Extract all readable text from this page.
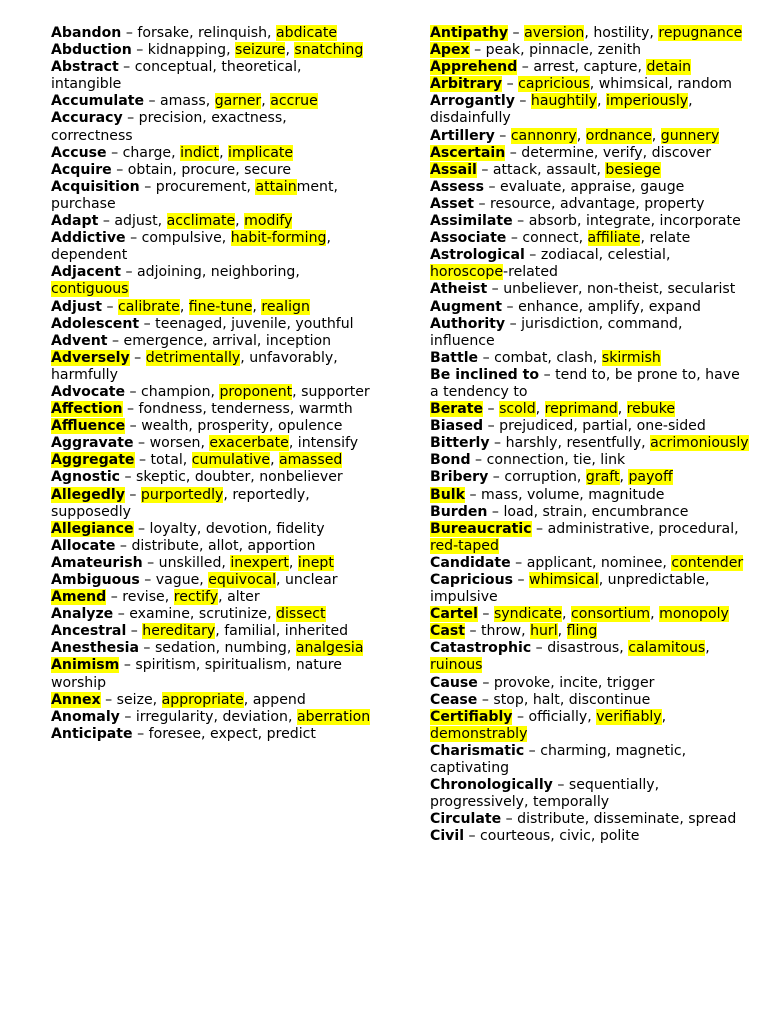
Abandon – forsake, relinquish, abdicate

Abduction – kidnapping, seizure, snatching

Abstract – conceptual, theoretical, intangible

Accumulate – amass, garner, accrue

Accuracy – precision, exactness, correctness

Accuse – charge, indict, implicate

Acquire – obtain, procure, secure

Acquisition – procurement, attainment, purchase

Adapt – adjust, acclimate, modify

Addictive – compulsive, habit-forming, dependent

Adjacent – adjoining, neighboring, contiguous

Adjust – calibrate, fine-tune, realign

Adolescent – teenaged, juvenile, youthful

Advent – emergence, arrival, inception

Adversely – detrimentally, unfavorably, harmfully

Advocate – champion, proponent, supporter

Affection – fondness, tenderness, warmth

Affluence – wealth, prosperity, opulence

Aggravate – worsen, exacerbate, intensify

Aggregate – total, cumulative, amassed

Agnostic – skeptic, doubter, nonbeliever

Allegedly – purportedly, reportedly, supposedly

Allegiance – loyalty, devotion, fidelity

Allocate – distribute, allot, apportion

Amateurish – unskilled, inexpert, inept

Ambiguous – vague, equivocal, unclear

Amend – revise, rectify, alter

Analyze – examine, scrutinize, dissect

Ancestral – hereditary, familial, inherited

Anesthesia – sedation, numbing, analgesia

Animism – spiritism, spiritualism, nature worship

Annex – seize, appropriate, append

Anomaly – irregularity, deviation, aberration

Anticipate – foresee, expect, predict

Antipathy – aversion, hostility, repugnance

Apex – peak, pinnacle, zenith

Apprehend – arrest, capture, detain

Arbitrary – capricious, whimsical, random

Arrogantly – haughtily, imperiously, disdainfully

Artillery – cannonry, ordnance, gunnery

Ascertain – determine, verify, discover

Assail – attack, assault, besiege

Assess – evaluate, appraise, gauge

Asset – resource, advantage, property

Assimilate – absorb, integrate, incorporate

Associate – connect, affiliate, relate

Astrological – zodiacal, celestial, horoscope-related

Atheist – unbeliever, non-theist, secularist

Augment – enhance, amplify, expand

Authority – jurisdiction, command, influence

Battle – combat, clash, skirmish

Be inclined to – tend to, be prone to, have a tendency to

Berate – scold, reprimand, rebuke

Biased – prejudiced, partial, one-sided

Bitterly – harshly, resentfully, acrimoniously

Bond – connection, tie, link

Bribery – corruption, graft, payoff

Bulk – mass, volume, magnitude

Burden – load, strain, encumbrance

Bureaucratic – administrative, procedural, red-taped

Candidate – applicant, nominee, contender

Capricious – whimsical, unpredictable, impulsive

Cartel – syndicate, consortium, monopoly

Cast – throw, hurl, fling

Catastrophic – disastrous, calamitous, ruinous

Cause – provoke, incite, trigger

Cease – stop, halt, discontinue

Certifiably – officially, verifiably, demonstrably

Charismatic – charming, magnetic, captivating

Chronologically – sequentially, progressively, temporally

Circulate – distribute, disseminate, spread

Civil – courteous, civic, polite
